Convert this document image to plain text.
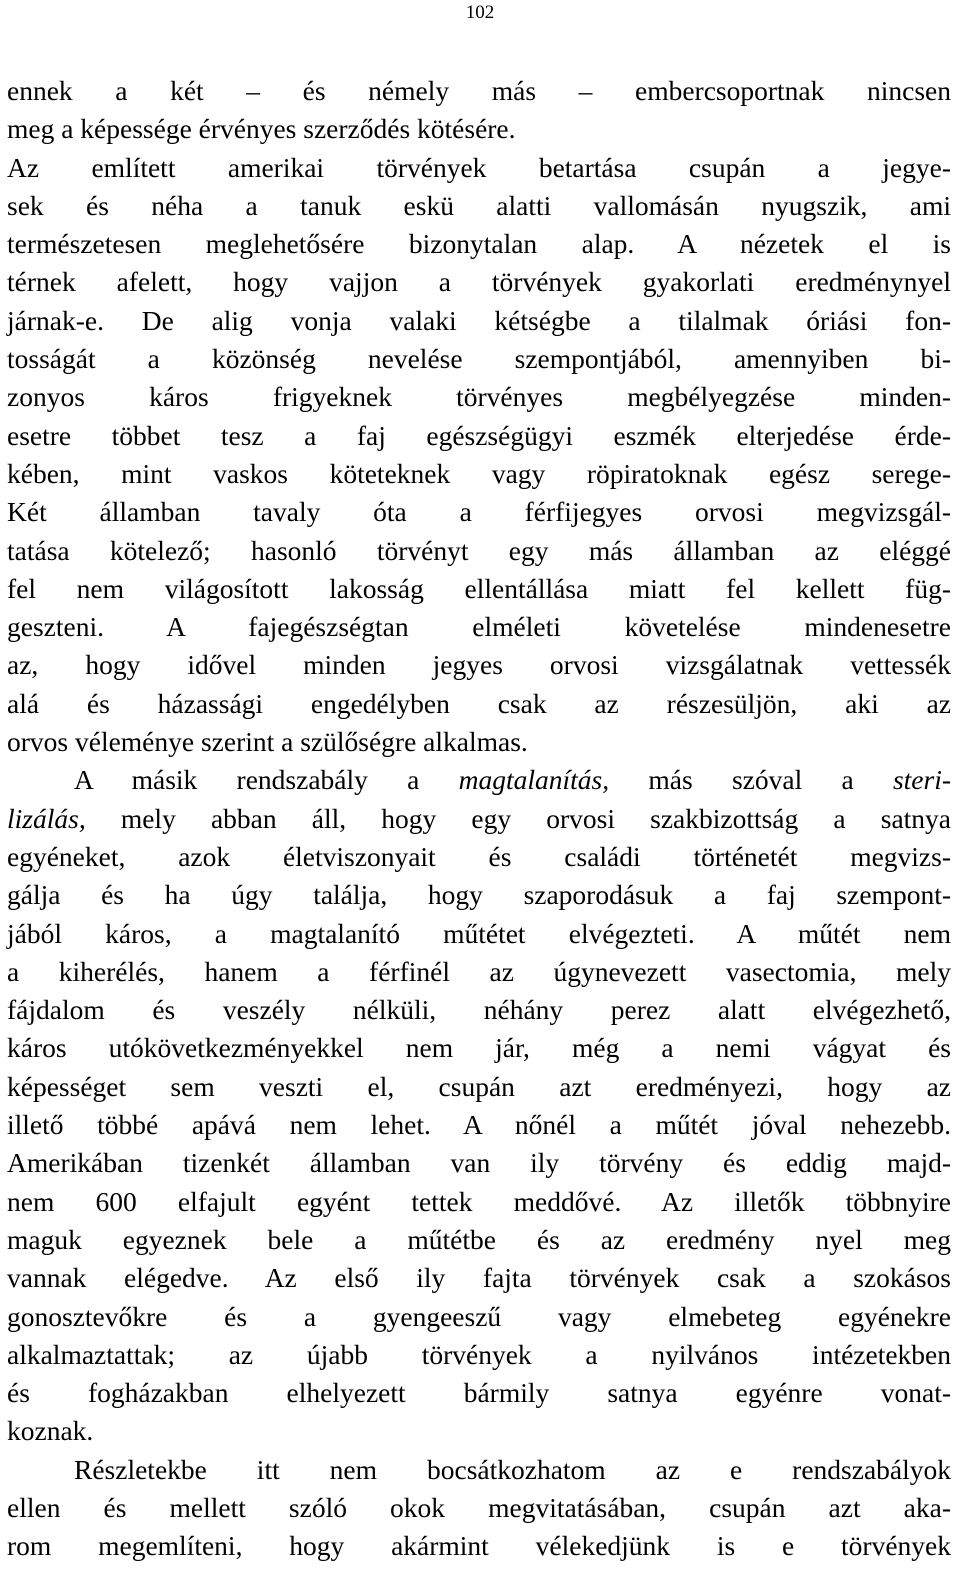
102
ennek a két – és némely más – embercsoportnak nincsen
meg a képessége érvényes szerződés kötésére.
Az említett amerikai törvények betartása csupán a jegye-
sek és néha a tanuk eskü alatti vallomásán nyugszik, ami
természetesen meglehetősére bizonytalan alap. A nézetek el is
térnek afelett, hogy vajjon a törvények gyakorlati eredménynyel
járnak-e. De alig vonja valaki kétségbe a tilalmak óriási fon-
tosságát a közönség nevelése szempontjából, amennyiben bi-
zonyos káros frigyeknek törvényes megbélyegzése minden-
esetre többet tesz a faj egészségügyi eszmék elterjedése érde-
kében, mint vaskos köteteknek vagy röpiratoknak egész serege-
Két államban tavaly óta a férfijegyes orvosi megvizsgál-
tatása kötelező; hasonló törvényt egy más államban az eléggé
fel nem világosított lakosság ellentállása miatt fel kellett füg-
geszteni. A fajegészségtan elméleti követelése mindenesetre
az, hogy idővel minden jegyes orvosi vizsgálatnak vettessék
alá és házassági engedélyben csak az részesüljön, aki az
orvos véleménye szerint a szülőségre alkalmas.
A másik rendszabály a magtalanítás, más szóval a steri-
lizálás, mely abban áll, hogy egy orvosi szakbizottság a satnya
egyéneket, azok életviszonyait és családi történetét megvizs-
gálja és ha úgy találja, hogy szaporodásuk a faj szempont-
jából káros, a magtalanító műtétet elvégezteti. A műtét nem
a kiherélés, hanem a férfinél az úgynevezett vasectomia, mely
fájdalom és veszély nélküli, néhány perez alatt elvégezhető,
káros utókövetkezményekkel nem jár, még a nemi vágyat és
képességet sem veszti el, csupán azt eredményezi, hogy az
illető többé apává nem lehet. A nőnél a műtét jóval nehezebb.
Amerikában tizenkét államban van ily törvény és eddig majd-
nem 600 elfajult egyént tettek meddővé. Az illetők többnyire
maguk egyeznek bele a műtétbe és az eredmény nyel meg
vannak elégedve. Az első ily fajta törvények csak a szokásos
gonosztevőkre és a gyengeeszű vagy elmebeteg egyénekre
alkalmaztattak; az újabb törvények a nyilvános intézetekben
és fogházakban elhelyezett bármily satnya egyénre vonat-
koznak.
Részletekbe itt nem bocsátkozhatom az e rendszabályok
ellen és mellett szóló okok megvitatásában, csupán azt aka-
rom megemlíteni, hogy akármint vélekedjünk is e törvények
